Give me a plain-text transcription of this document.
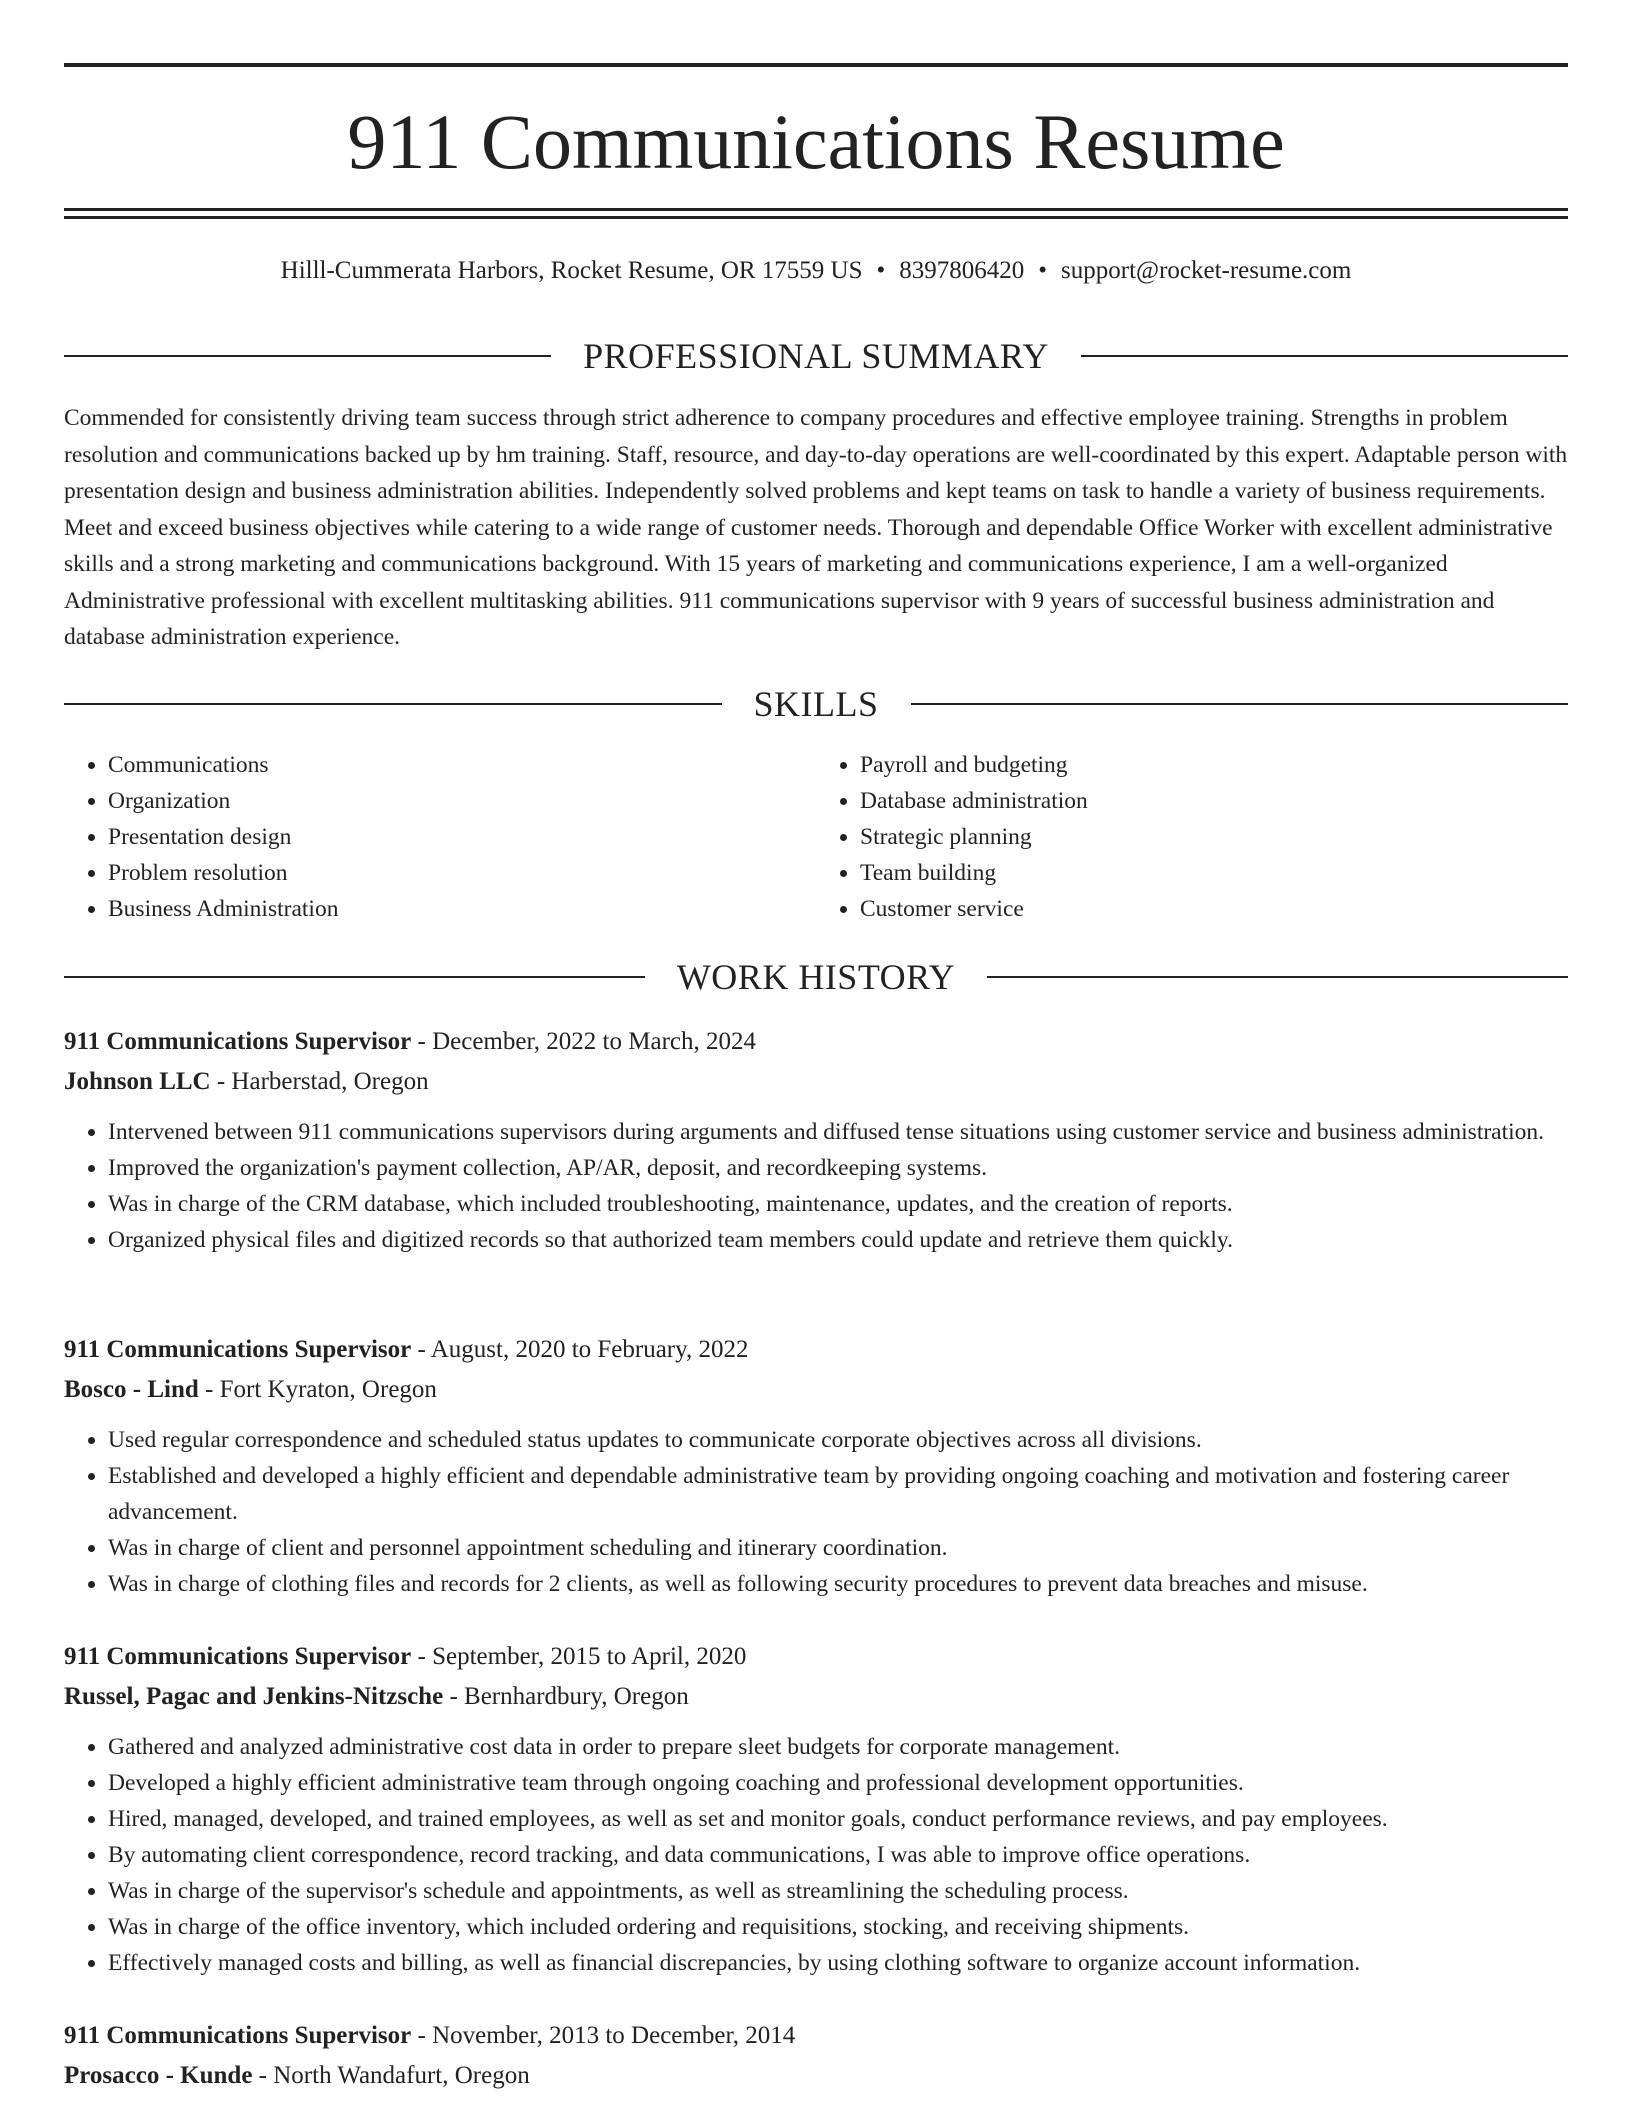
911 Communications Resume
Hilll-Cummerata Harbors, Rocket Resume, OR 17559 US • 8397806420 • support@rocket-resume.com
PROFESSIONAL SUMMARY

Commended for consistently driving team success through strict adherence to company procedures and effective employee training. Strengths in problem resolution and communications backed up by hm training. Staff, resource, and day-to-day operations are well-coordinated by this expert. Adaptable person with presentation design and business administration abilities. Independently solved problems and kept teams on task to handle a variety of business requirements. Meet and exceed business objectives while catering to a wide range of customer needs. Thorough and dependable Office Worker with excellent administrative skills and a strong marketing and communications background. With 15 years of marketing and communications experience, I am a well-organized Administrative professional with excellent multitasking abilities. 911 communications supervisor with 9 years of successful business administration and database administration experience.

SKILLS
• Communications
• Organization
• Presentation design
• Problem resolution
• Business Administration
• Payroll and budgeting
• Database administration
• Strategic planning
• Team building
• Customer service
WORK HISTORY
911 Communications Supervisor - December, 2022 to March, 2024
Johnson LLC - Harberstad, Oregon
• Intervened between 911 communications supervisors during arguments and diffused tense situations using customer service and business administration.
• Improved the organization's payment collection, AP/AR, deposit, and recordkeeping systems.
• Was in charge of the CRM database, which included troubleshooting, maintenance, updates, and the creation of reports.
• Organized physical files and digitized records so that authorized team members could update and retrieve them quickly.
911 Communications Supervisor - August, 2020 to February, 2022
Bosco - Lind - Fort Kyraton, Oregon
• Used regular correspondence and scheduled status updates to communicate corporate objectives across all divisions.
• Established and developed a highly efficient and dependable administrative team by providing ongoing coaching and motivation and fostering career advancement.
• Was in charge of client and personnel appointment scheduling and itinerary coordination.
• Was in charge of clothing files and records for 2 clients, as well as following security procedures to prevent data breaches and misuse.
911 Communications Supervisor - September, 2015 to April, 2020
Russel, Pagac and Jenkins-Nitzsche - Bernhardbury, Oregon
• Gathered and analyzed administrative cost data in order to prepare sleet budgets for corporate management.
• Developed a highly efficient administrative team through ongoing coaching and professional development opportunities.
• Hired, managed, developed, and trained employees, as well as set and monitor goals, conduct performance reviews, and pay employees.
• By automating client correspondence, record tracking, and data communications, I was able to improve office operations.
• Was in charge of the supervisor's schedule and appointments, as well as streamlining the scheduling process.
• Was in charge of the office inventory, which included ordering and requisitions, stocking, and receiving shipments.
• Effectively managed costs and billing, as well as financial discrepancies, by using clothing software to organize account information.
911 Communications Supervisor - November, 2013 to December, 2014
Prosacco - Kunde - North Wandafurt, Oregon
